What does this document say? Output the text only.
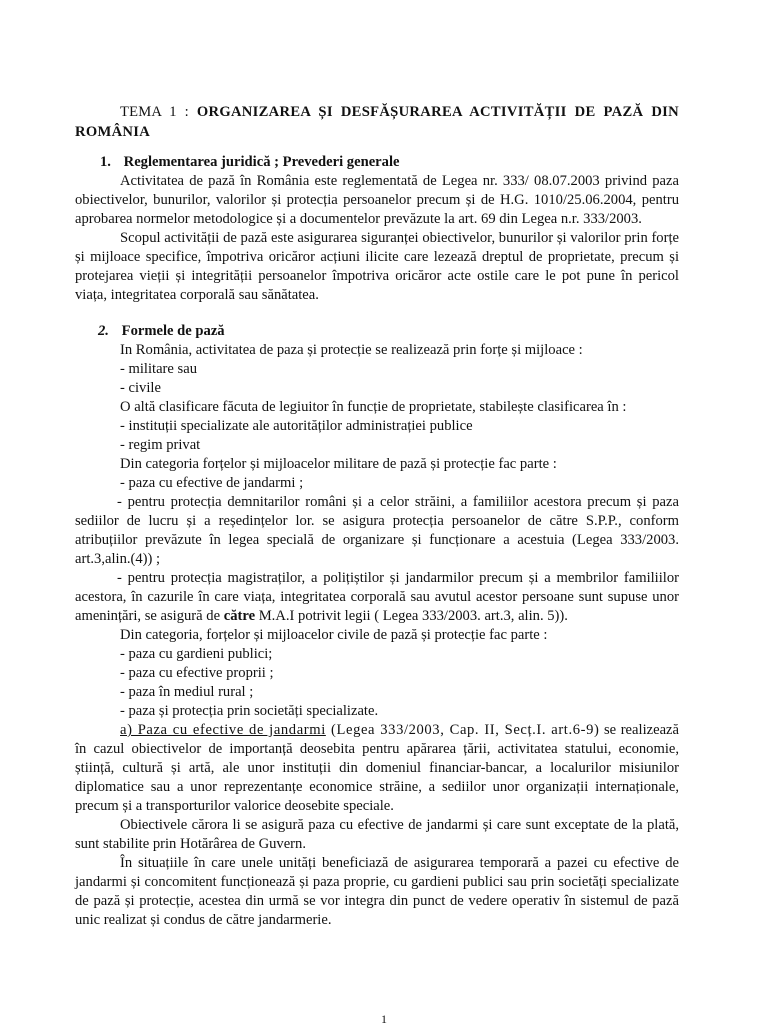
TEMA 1 : ORGANIZAREA ȘI DESFĂȘURAREA ACTIVITĂȚII DE PAZĂ DIN ROMÂNIA
1. Reglementarea juridică ; Prevederi generale

Activitatea de pază în România este reglementată de Legea nr. 333/ 08.07.2003 privind paza obiectivelor, bunurilor, valorilor și protecția persoanelor precum și de H.G. 1010/25.06.2004, pentru aprobarea normelor metodologice și a documentelor prevăzute la art. 69 din Legea n.r. 333/2003.

Scopul activității de pază este asigurarea siguranței obiectivelor, bunurilor și valorilor prin forțe și mijloace specifice, împotriva oricăror acțiuni ilicite care lezează dreptul de proprietate, precum și protejarea vieții și integrității persoanelor împotriva oricăror acte ostile care le pot pune în pericol viața, integritatea corporală sau sănătatea.

2. Formele de pază

In România, activitatea de paza și protecție se realizează prin forțe și mijloace :

- militare sau

- civile

O altă clasificare făcuta de legiuitor în funcție de proprietate, stabilește clasificarea în :

- instituții specializate ale autorităților administrației publice

- regim privat

Din categoria forțelor și mijloacelor militare de pază și protecție fac parte :

- paza cu efective de jandarmi ;

- pentru protecția demnitarilor români și a celor străini, a familiilor acestora precum și paza sediilor de lucru și a reședințelor lor. se asigura protecția persoanelor de către S.P.P., conform atribuțiilor prevăzute în legea specială de organizare și funcționare a acestuia (Legea 333/2003. art.3,alin.(4)) ;

- pentru protecția magistraților, a polițiștilor și jandarmilor precum și a membrilor familiilor acestora, în cazurile în care viața, integritatea corporală sau avutul acestor persoane sunt supuse unor amenințări, se asigură de către M.A.I potrivit legii ( Legea 333/2003. art.3, alin. 5)).

Din categoria, forțelor și mijloacelor civile de pază și protecție fac parte :

- paza cu gardieni publici;

- paza cu efective proprii ;

- paza în mediul rural ;

- paza și protecția prin societăți specializate.

a) Paza cu efective de jandarmi (Legea 333/2003, Cap. II, Secț.I. art.6-9) se realizează în cazul obiectivelor de importanță deosebita pentru apărarea țării, activitatea statului, economie, știință, cultură și artă, ale unor instituții din domeniul financiar-bancar, a localurilor misiunilor diplomatice sau a unor reprezentanțe economice străine, a sediilor unor organizații internaționale, precum și a transporturilor valorice deosebite speciale.

Obiectivele cărora li se asigură paza cu efective de jandarmi și care sunt exceptate de la plată, sunt stabilite prin Hotărârea de Guvern.

În situațiile în care unele unități beneficiază de asigurarea temporară a pazei cu efective de jandarmi și concomitent funcționează și paza proprie, cu gardieni publici sau prin societăți specializate de pază și protecție, acestea din urmă se vor integra din punct de vedere operativ în sistemul de pază unic realizat și condus de către jandarmerie.

1
